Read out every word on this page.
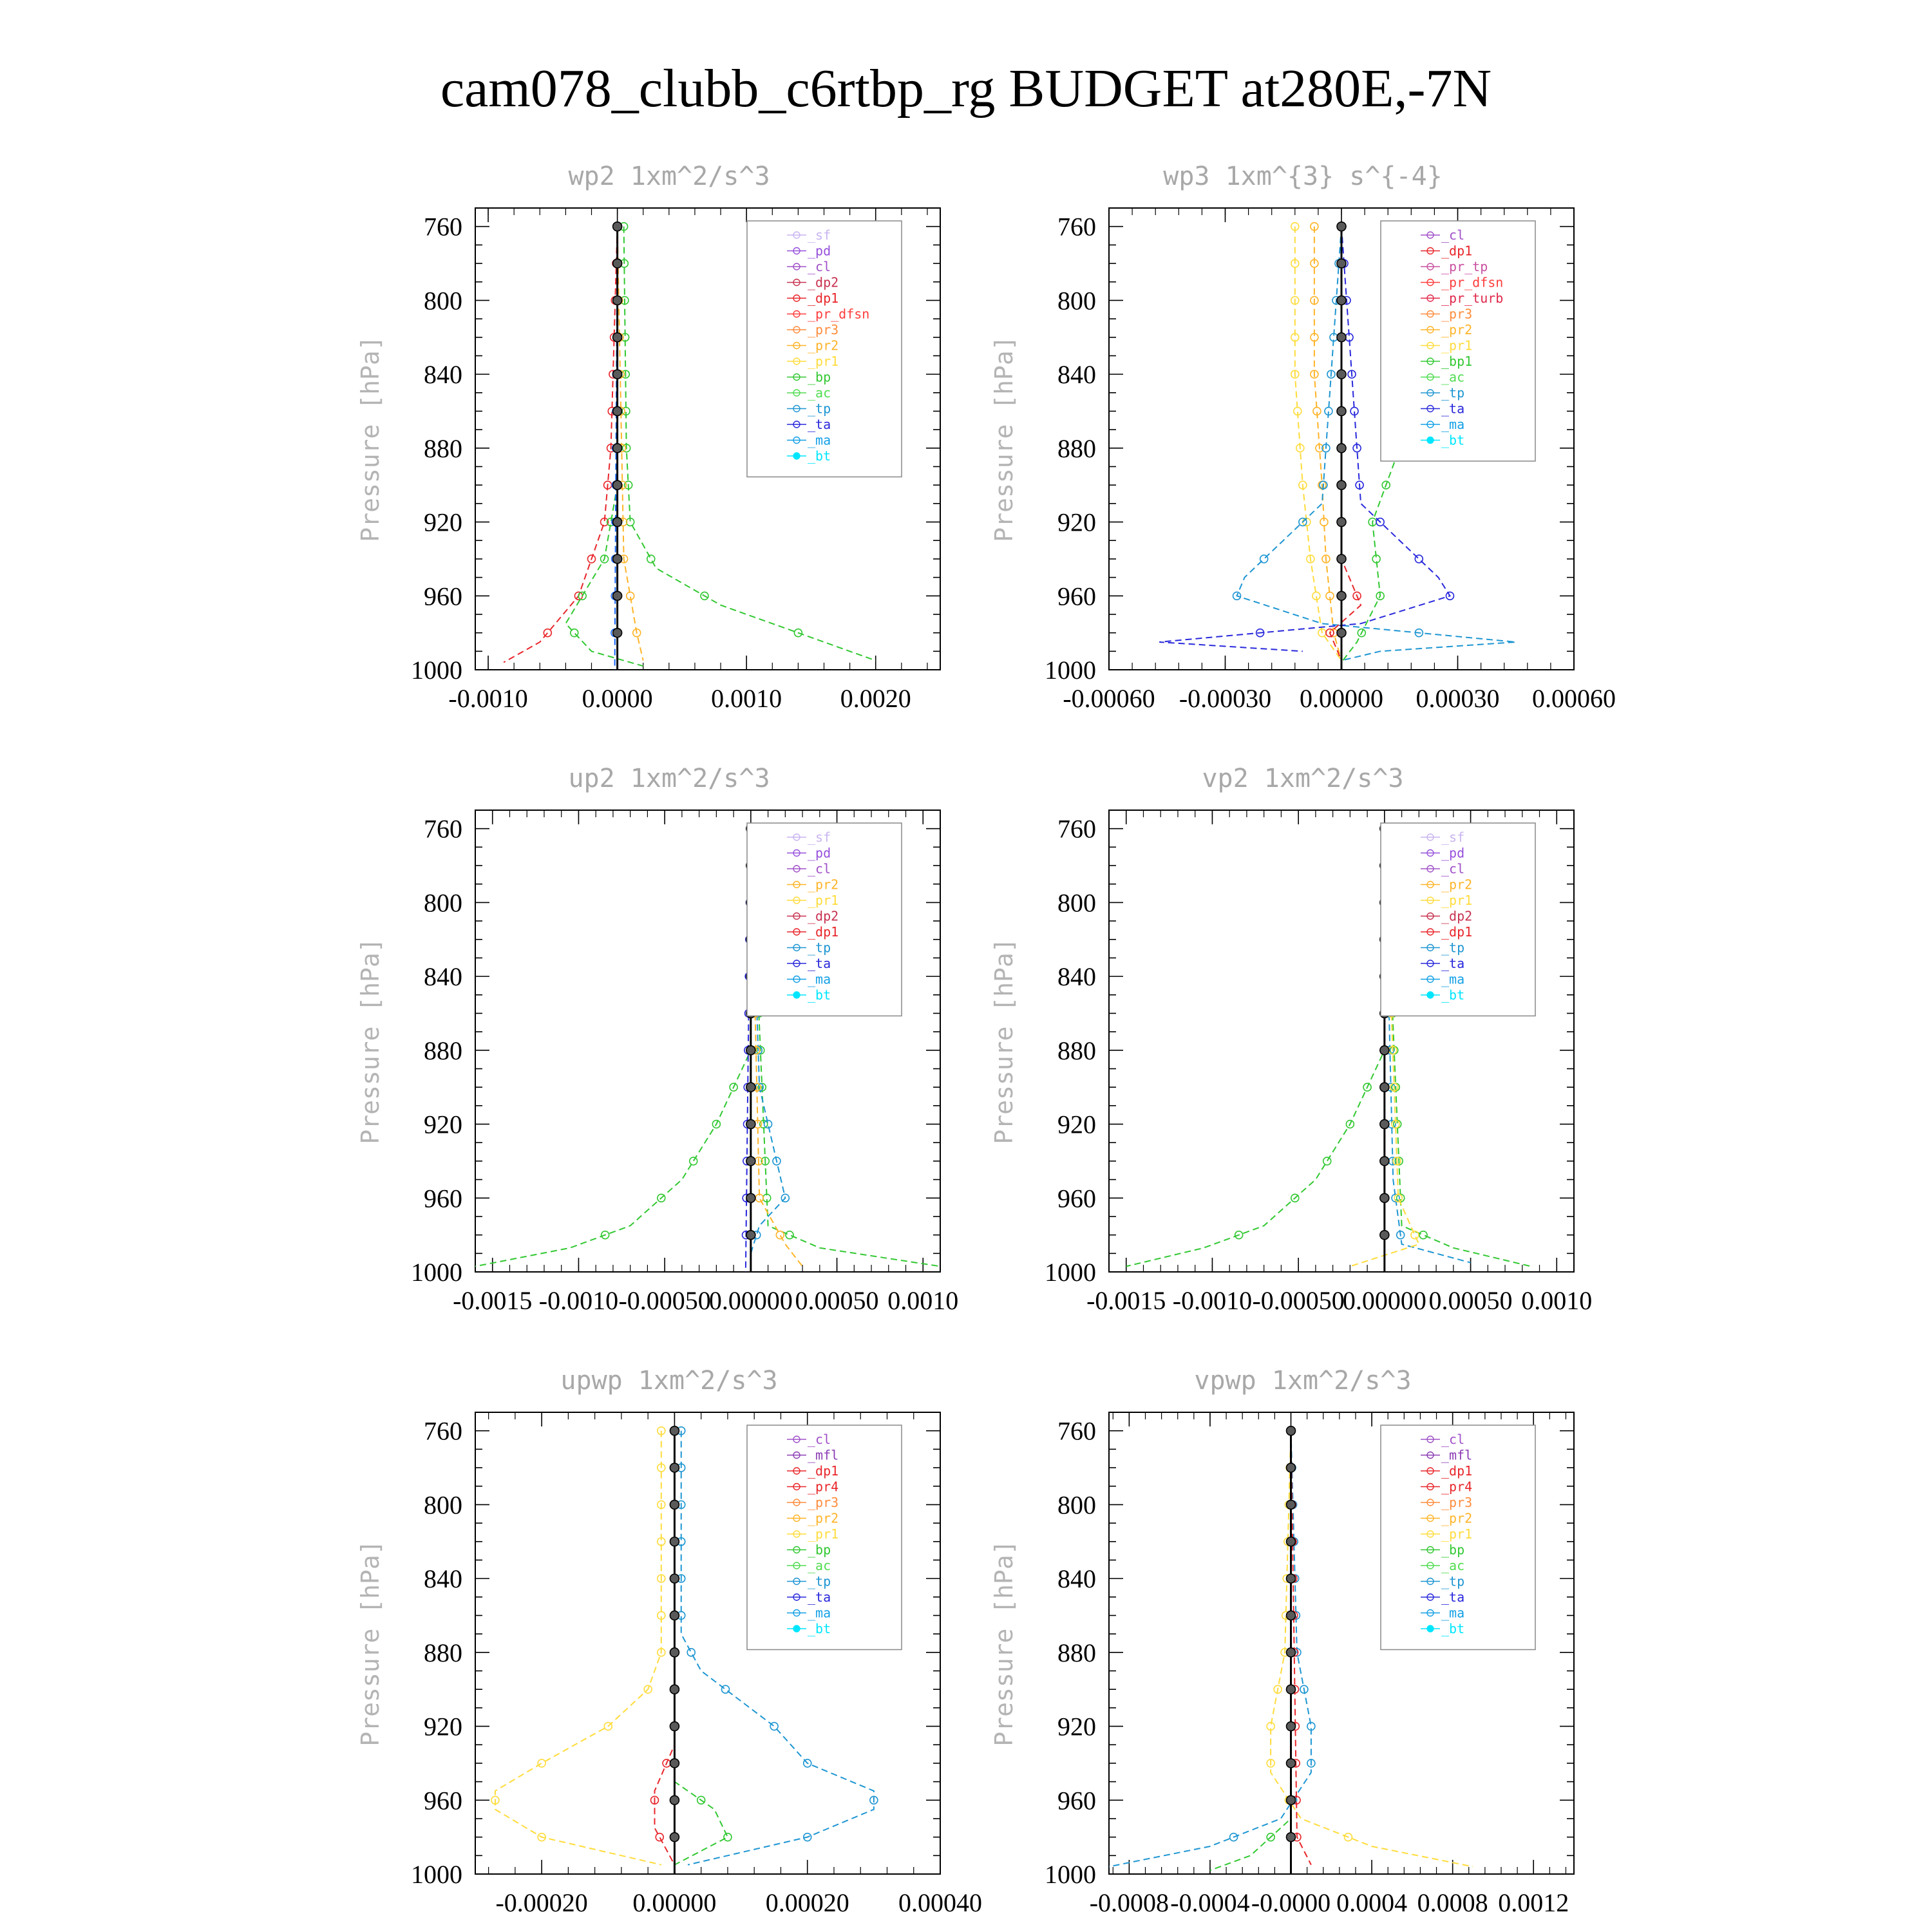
cam078_clubb_c6rtbp_rg BUDGET at280E,-7N
wp2 1xm^2/s^3
Pressure [hPa]
760
800
840
880
920
960
1000
-0.0010 0.0000 0.0010 0.0020
_sf
_pd
_cl
_dp2
_dp1
_pr_dfsn
_pr3
_pr2
_pr1
_bp
_ac
_tp
_ta
_ma
_bt
wp3 1xm^{3} s^{-4}
Pressure [hPa]
760
800
840
880
920
960
1000
-0.00060 -0.00030 0.00000 0.00030 0.00060
_cl
_dp1
_pr_tp
_pr_dfsn
_pr_turb
_pr3
_pr2
_pr1
_bp1
_ac
_tp
_ta
_ma
_bt
up2 1xm^2/s^3
Pressure [hPa]
760
800
840
880
920
960
1000
-0.0015 -0.0010 -0.00050
0.00000 0.00050 0.0010
_sf
_pd
_cl
_pr2
_pr1
_dp2
_dp1
_tp
_ta
_ma
_bt
vp2 1xm^2/s^3
Pressure [hPa]
760
800
840
880
920
960
1000
-0.0015 -0.0010 -0.00050
0.00000 0.00050 0.0010
_sf
_pd
_cl
_pr2
_pr1
_dp2
_dp1
_tp
_ta
_ma
_bt
upwp 1xm^2/s^3
Pressure [hPa]
760
800
840
880
920
960
1000
-0.00020 0.00000 0.00020 0.00040
_cl
_mfl
_dp1
_pr4
_pr3
_pr2
_pr1
_bp
_ac
_tp
_ta
_ma
_bt
vpwp 1xm^2/s^3
Pressure [hPa]
760
800
840
880
920
960
1000
-0.0008 -0.0004 -0.0000 0.0004 0.0008 0.0012
_cl
_mfl
_dp1
_pr4
_pr3
_pr2
_pr1
_bp
_ac
_tp
_ta
_ma
_bt
